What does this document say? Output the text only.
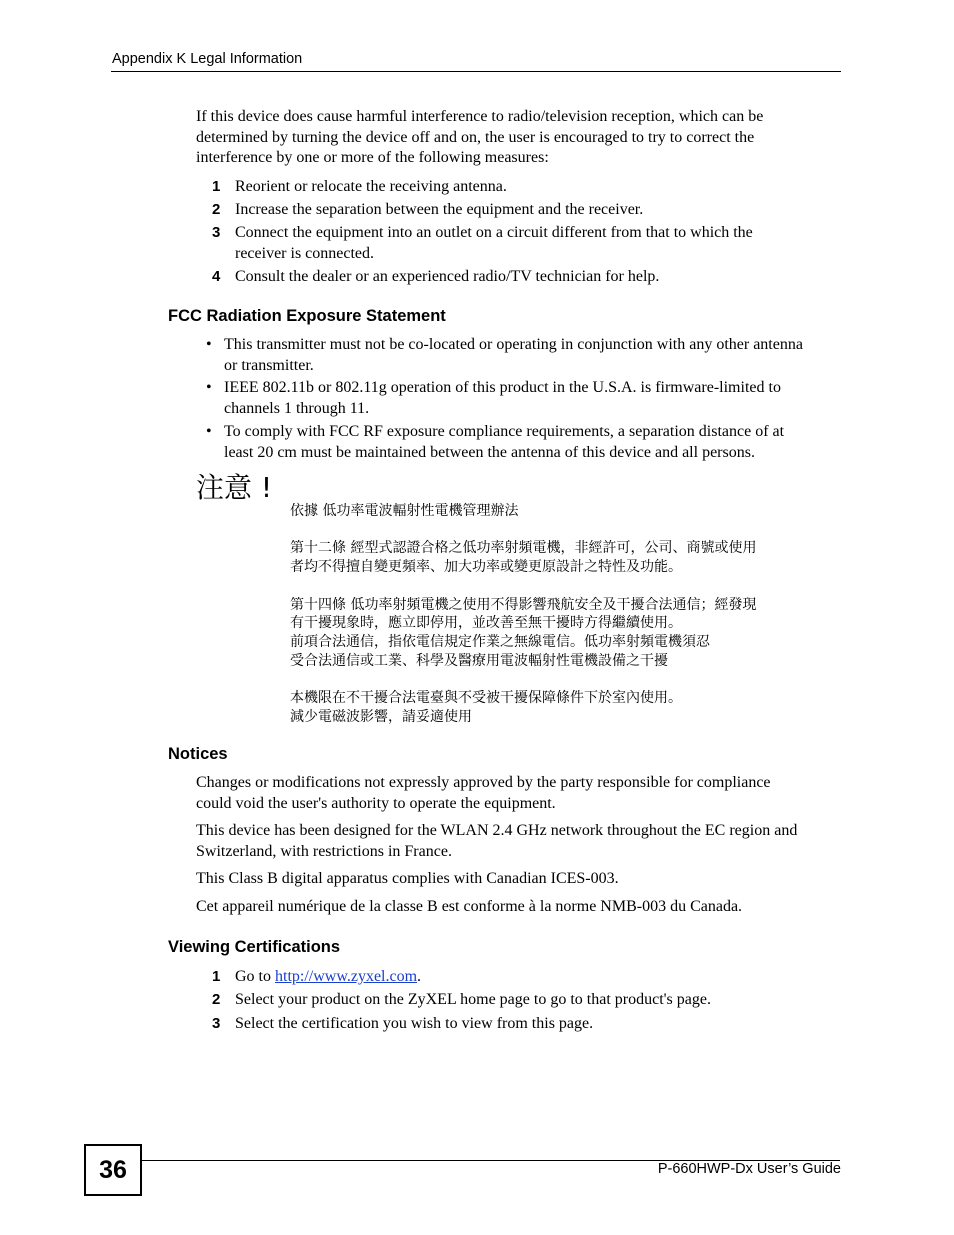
Appendix K Legal Information
If this device does cause harmful interference to radio/television reception, which can be
determined by turning the device off and on, the user is encouraged to try to correct the
interference by one or more of the following measures:
1 Reorient or relocate the receiving antenna.
2 Increase the separation between the equipment and the receiver.
3 Connect the equipment into an outlet on a circuit different from that to which the
receiver is connected.
4 Consult the dealer or an experienced radio/TV technician for help.
FCC Radiation Exposure Statement
• This transmitter must not be co-located or operating in conjunction with any other antenna
or transmitter.
• IEEE 802.11b or 802.11g operation of this product in the U.S.A. is firmware-limited to
channels 1 through 11.
• To comply with FCC RF exposure compliance requirements, a separation distance of at
least 20 cm must be maintained between the antenna of this device and all persons.
注意 !
依據 低功率電波輻射性電機管理辦法
第十二條 經型式認證合格之低功率射頻電機，非經許可，公司、商號或使用
者均不得擅自變更頻率、加大功率或變更原設計之特性及功能。
第十四條 低功率射頻電機之使用不得影響飛航安全及干擾合法通信；經發現
有干擾現象時，應立即停用，並改善至無干擾時方得繼續使用。
前項合法通信，指依電信規定作業之無線電信。低功率射頻電機須忍
受合法通信或工業、科學及醫療用電波輻射性電機設備之干擾
本機限在不干擾合法電臺與不受被干擾保障條件下於室內使用。
減少電磁波影響，請妥適使用
Notices
Changes or modifications not expressly approved by the party responsible for compliance
could void the user's authority to operate the equipment.
This device has been designed for the WLAN 2.4 GHz network throughout the EC region and
Switzerland, with restrictions in France.
This Class B digital apparatus complies with Canadian ICES-003.
Cet appareil numérique de la classe B est conforme à la norme NMB-003 du Canada.
Viewing Certifications
1 Go to http://www.zyxel.com.
2 Select your product on the ZyXEL home page to go to that product's page.
3 Select the certification you wish to view from this page.
36	P-660HWP-Dx User’s Guide
